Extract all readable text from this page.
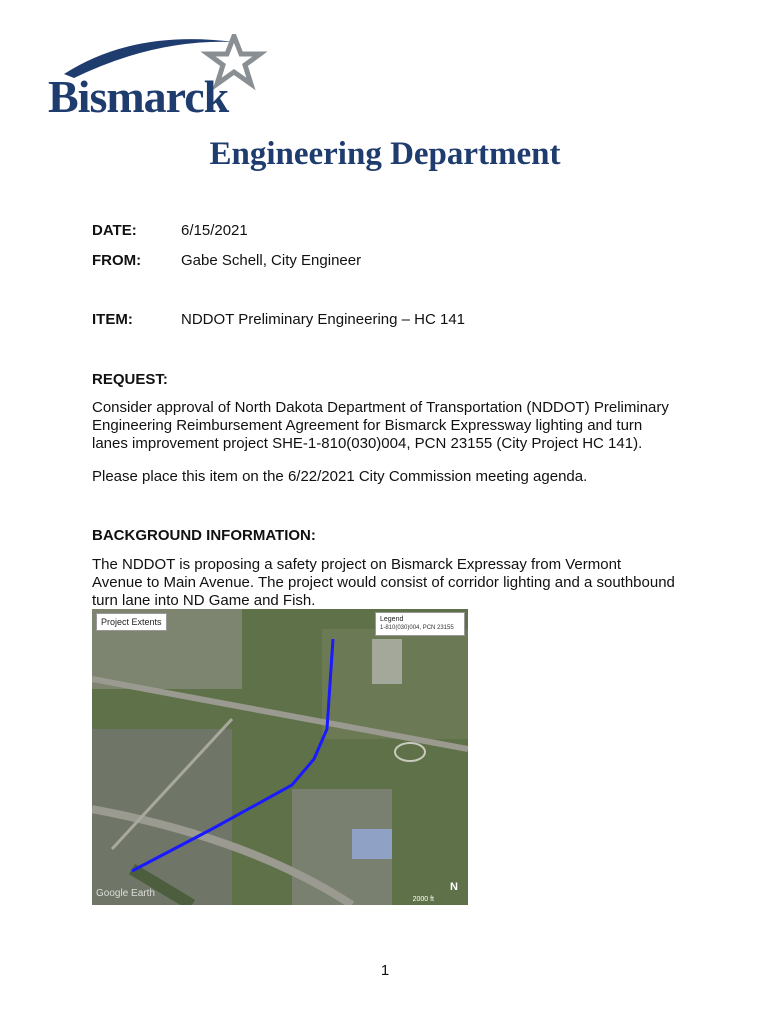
Bismarck
Engineering Department
DATE:	6/15/2021
FROM:	Gabe Schell, City Engineer
ITEM:	NDDOT Preliminary Engineering – HC 141
REQUEST:
Consider approval of North Dakota Department of Transportation (NDDOT) Preliminary
Engineering Reimbursement Agreement for Bismarck Expressway lighting and turn
lanes improvement project SHE-1-810(030)004, PCN 23155 (City Project HC 141).
Please place this item on the 6/22/2021 City Commission meeting agenda.
BACKGROUND INFORMATION:
The NDDOT is proposing a safety project on Bismarck Expressay from Vermont
Avenue to Main Avenue. The project would consist of corridor lighting and a southbound
turn lane into ND Game and Fish.
Project Extents	Legend
1-810(030)004, PCN 23155
Google Earth
N
2000 ft
1
